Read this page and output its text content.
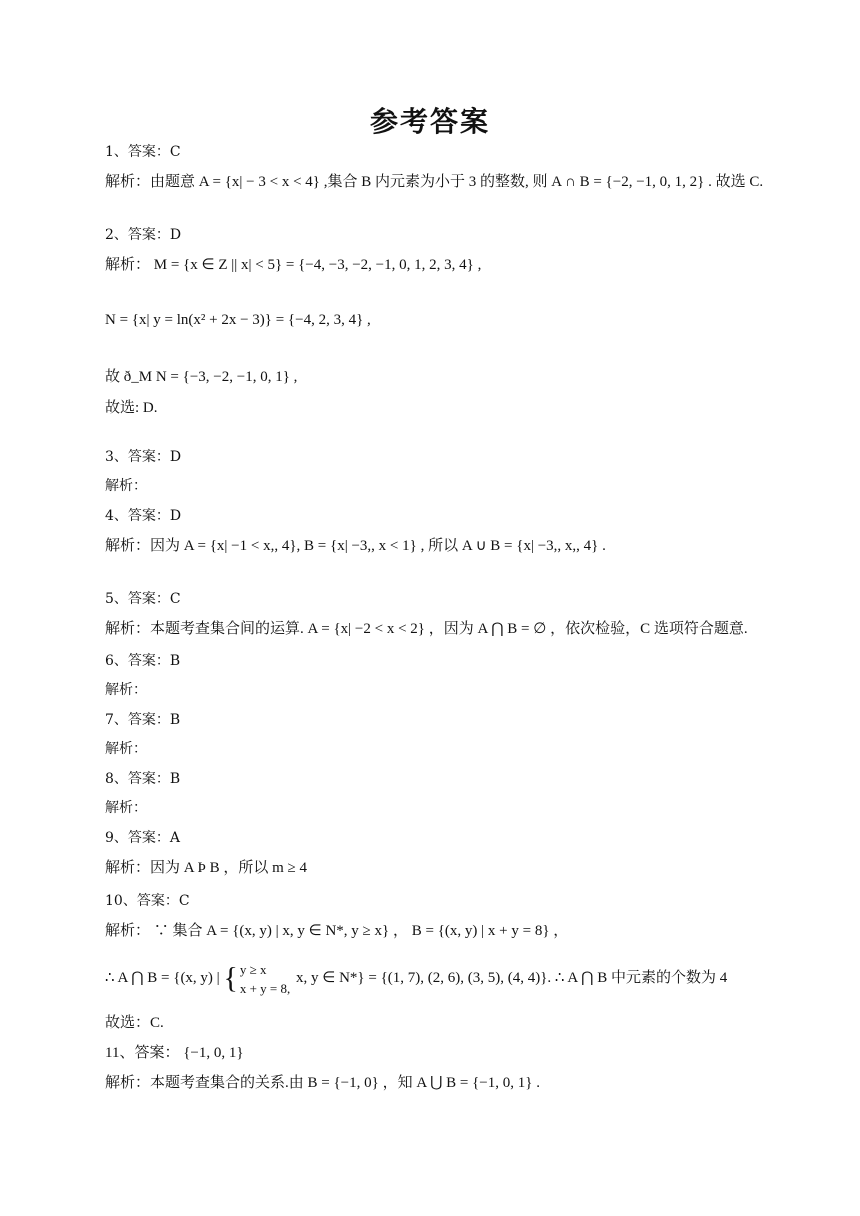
参考答案
1、答案：C
解析：由题意 A = {x| − 3 < x < 4} ,集合 B 内元素为小于 3 的整数, 则 A ∩ B = {−2, −1, 0, 1, 2} . 故选 C.
2、答案：D
解析： M = {x ∈ Z || x| < 5} = {−4, −3, −2, −1, 0, 1, 2, 3, 4} ,
N = {x| y = ln(x² + 2x − 3)} = {−4, 2, 3, 4} ,
故 ð_M N = {−3, −2, −1, 0, 1} ,
故选: D.
3、答案：D
解析：
4、答案：D
解析：因为 A = {x| −1 < x,, 4}, B = {x| −3,, x < 1} , 所以 A ∪ B = {x| −3,, x,, 4} .
5、答案：C
解析：本题考查集合间的运算. A = {x| −2 < x < 2} ，因为 A ⋂ B = ∅ ，依次检验，C 选项符合题意.
6、答案：B
解析：
7、答案：B
解析：
8、答案：B
解析：
9、答案：A
解析：因为 A Þ B ，所以 m ≥ 4
10、答案：C
解析： ∵ 集合 A = {(x, y) | x, y ∈ N*, y ≥ x} ， B = {(x, y) | x + y = 8} ，
∴ A ⋂ B = {(x, y) | { y ≥ x
x + y = 8,
x, y ∈ N*} = {(1, 7), (2, 6), (3, 5), (4, 4)}. ∴ A ⋂ B 中元素的个数为 4
故选：C.
11、答案： {−1, 0, 1}
解析：本题考查集合的关系.由 B = {−1, 0} ，知 A ⋃ B = {−1, 0, 1} .
